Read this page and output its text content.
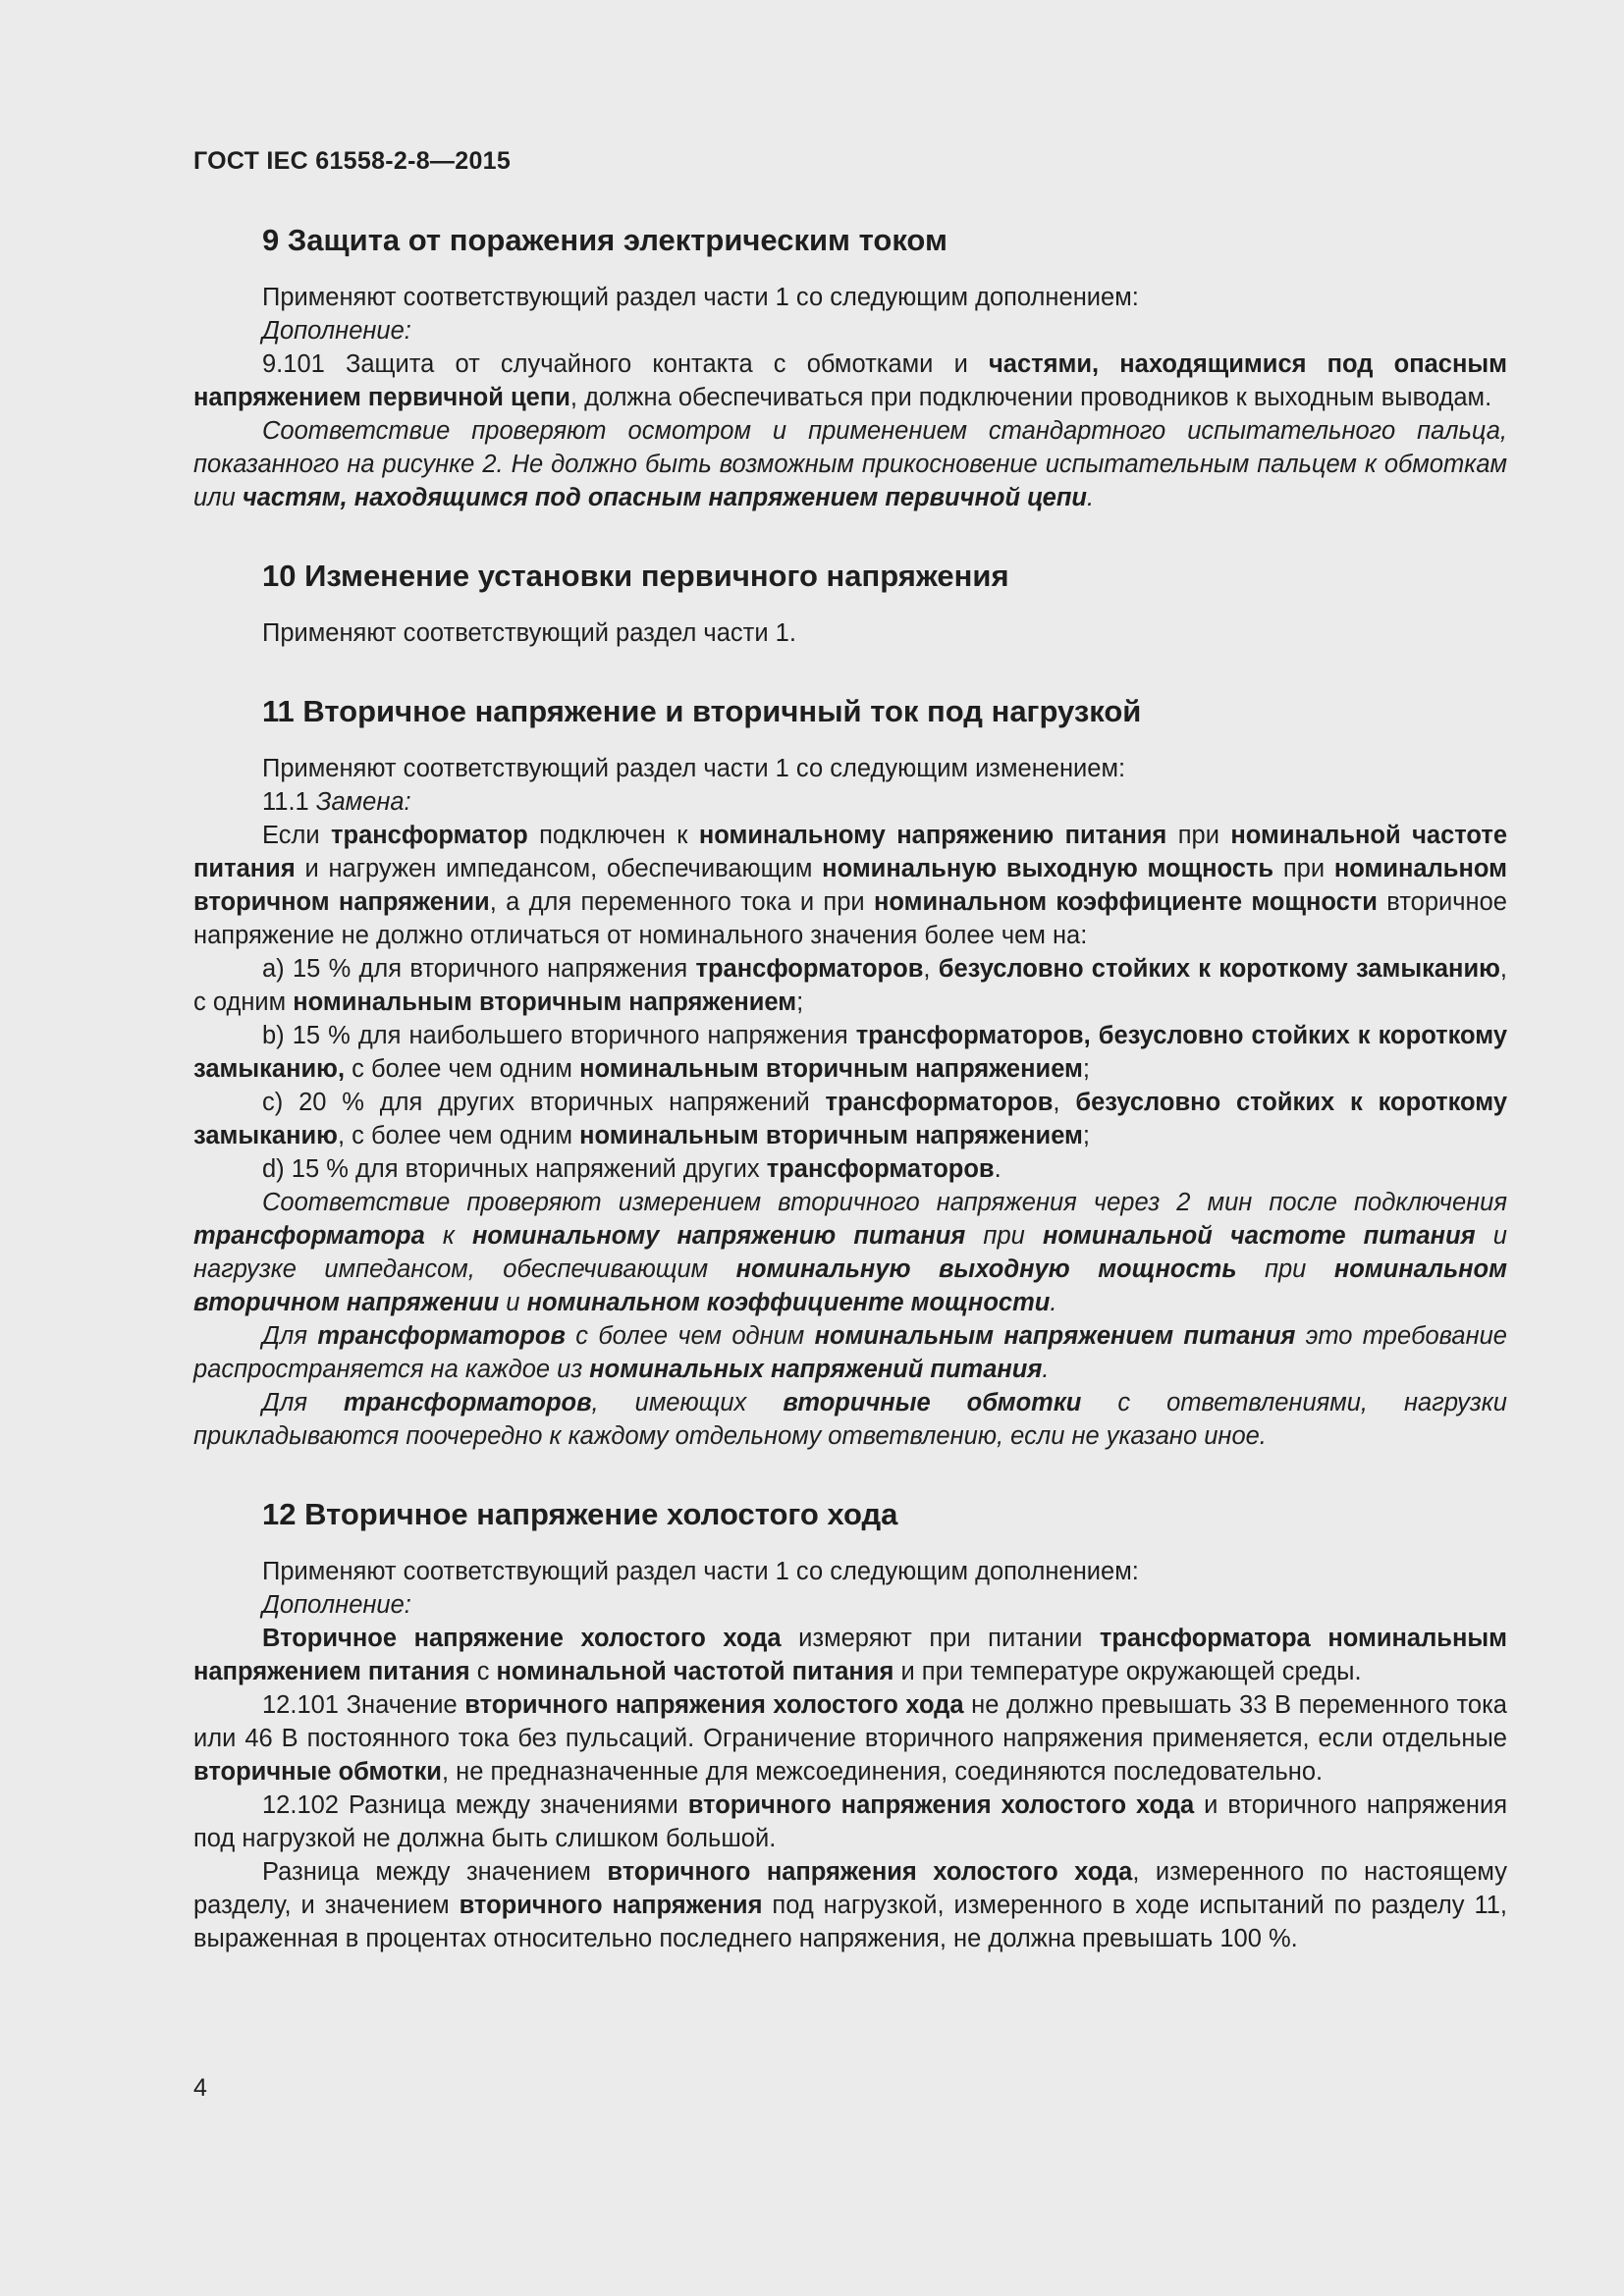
ГОСТ IEC 61558-2-8—2015
9 Защита от поражения электрическим током

Применяют соответствующий раздел части 1 со следующим дополнением:

Дополнение:

9.101 Защита от случайного контакта с обмотками и частями, находящимися под опасным напряжением первичной цепи, должна обеспечиваться при подключении проводников к выходным выводам.

Соответствие проверяют осмотром и применением стандартного испытательного пальца, показанного на рисунке 2. Не должно быть возможным прикосновение испытательным пальцем к обмоткам или частям, находящимся под опасным напряжением первичной цепи.

10 Изменение установки первичного напряжения

Применяют соответствующий раздел части 1.

11 Вторичное напряжение и вторичный ток под нагрузкой

Применяют соответствующий раздел части 1 со следующим изменением:

11.1 Замена:

Если трансформатор подключен к номинальному напряжению питания при номинальной частоте питания и нагружен импедансом, обеспечивающим номинальную выходную мощность при номинальном вторичном напряжении, а для переменного тока и при номинальном коэффициенте мощности вторичное напряжение не должно отличаться от номинального значения более чем на:

a) 15 % для вторичного напряжения трансформаторов, безусловно стойких к короткому замыканию, с одним номинальным вторичным напряжением;

b) 15 % для наибольшего вторичного напряжения трансформаторов, безусловно стойких к короткому замыканию, с более чем одним номинальным вторичным напряжением;

c) 20 % для других вторичных напряжений трансформаторов, безусловно стойких к короткому замыканию, с более чем одним номинальным вторичным напряжением;

d) 15 % для вторичных напряжений других трансформаторов.

Соответствие проверяют измерением вторичного напряжения через 2 мин после подключения трансформатора к номинальному напряжению питания при номинальной частоте питания и нагрузке импедансом, обеспечивающим номинальную выходную мощность при номинальном вторичном напряжении и номинальном коэффициенте мощности.

Для трансформаторов с более чем одним номинальным напряжением питания это требование распространяется на каждое из номинальных напряжений питания.

Для трансформаторов, имеющих вторичные обмотки с ответвлениями, нагрузки прикладываются поочередно к каждому отдельному ответвлению, если не указано иное.

12 Вторичное напряжение холостого хода

Применяют соответствующий раздел части 1 со следующим дополнением:

Дополнение:

Вторичное напряжение холостого хода измеряют при питании трансформатора номинальным напряжением питания с номинальной частотой питания и при температуре окружающей среды.

12.101 Значение вторичного напряжения холостого хода не должно превышать 33 В переменного тока или 46 В постоянного тока без пульсаций. Ограничение вторичного напряжения применяется, если отдельные вторичные обмотки, не предназначенные для межсоединения, соединяются последовательно.

12.102 Разница между значениями вторичного напряжения холостого хода и вторичного напряжения под нагрузкой не должна быть слишком большой.

Разница между значением вторичного напряжения холостого хода, измеренного по настоящему разделу, и значением вторичного напряжения под нагрузкой, измеренного в ходе испытаний по разделу 11, выраженная в процентах относительно последнего напряжения, не должна превышать 100 %.

4
